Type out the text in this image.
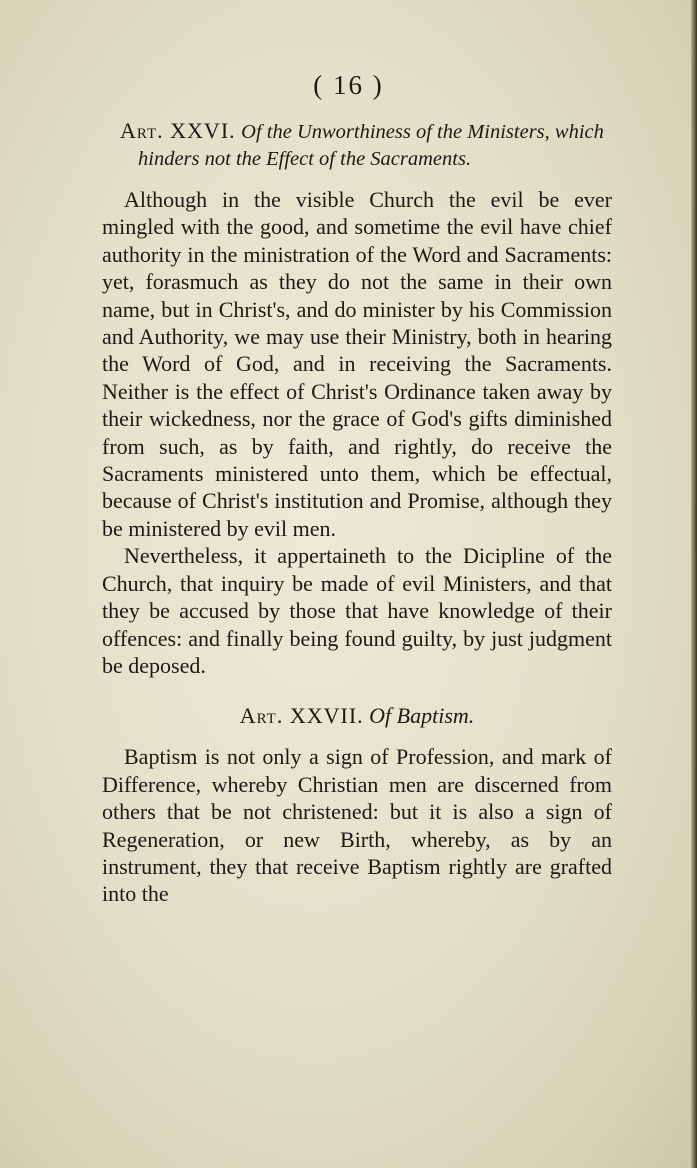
( 16 )

Art. XXVI. Of the Unworthiness of the Ministers, which hinders not the Effect of the Sacraments.

Although in the visible Church the evil be ever mingled with the good, and sometime the evil have chief authority in the ministration of the Word and Sacraments: yet, forasmuch as they do not the same in their own name, but in Christ's, and do minister by his Commission and Authority, we may use their Ministry, both in hearing the Word of God, and in receiving the Sacraments. Neither is the effect of Christ's Ordinance taken away by their wickedness, nor the grace of God's gifts diminished from such, as by faith, and rightly, do receive the Sacraments ministered unto them, which be effectual, because of Christ's institution and Promise, although they be ministered by evil men.

Nevertheless, it appertaineth to the Dicipline of the Church, that inquiry be made of evil Ministers, and that they be accused by those that have knowledge of their offences: and finally being found guilty, by just judgment be deposed.

Art. XXVII. Of Baptism.

Baptism is not only a sign of Profession, and mark of Difference, whereby Christian men are discerned from others that be not christened: but it is also a sign of Regeneration, or new Birth, whereby, as by an instrument, they that receive Baptism rightly are grafted into the
